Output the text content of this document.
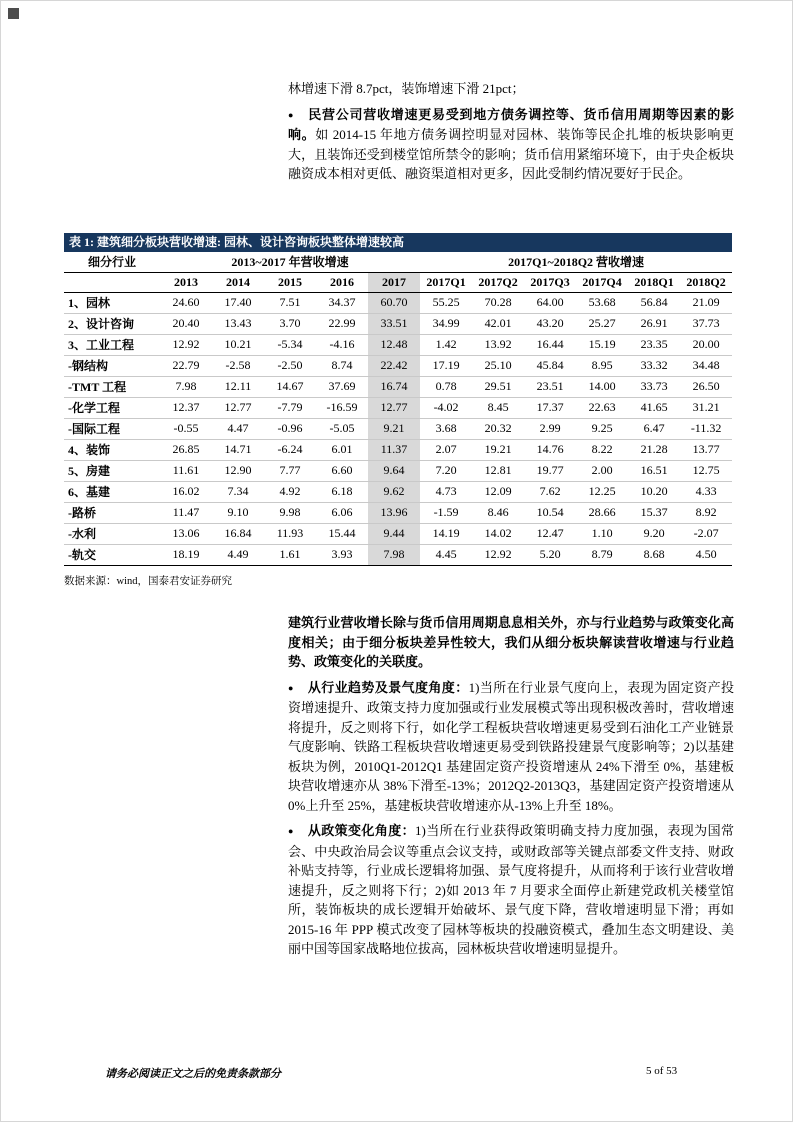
林增速下滑 8.7pct，装饰增速下滑 21pct；

● 民营公司营收增速更易受到地方债务调控等、货币信用周期等因素的影响。如 2014-15 年地方债务调控明显对园林、装饰等民企扎堆的板块影响更大，且装饰还受到楼堂馆所禁令的影响；货币信用紧缩环境下，由于央企板块融资成本相对更低、融资渠道相对更多，因此受制约情况要好于民企。

表 1: 建筑细分板块营收增速: 园林、设计咨询板块整体增速较高
细分行业	2013~2017 年营收增速					2017Q1~2018Q2 营收增速					
	2013	2014	2015	2016	2017	2017Q1	2017Q2	2017Q3	2017Q4	2018Q1	2018Q2
1、园林	24.60	17.40	7.51	34.37	60.70	55.25	70.28	64.00	53.68	56.84	21.09
2、设计咨询	20.40	13.43	3.70	22.99	33.51	34.99	42.01	43.20	25.27	26.91	37.73
3、工业工程	12.92	10.21	-5.34	-4.16	12.48	1.42	13.92	16.44	15.19	23.35	20.00
-钢结构	22.79	-2.58	-2.50	8.74	22.42	17.19	25.10	45.84	8.95	33.32	34.48
-TMT 工程	7.98	12.11	14.67	37.69	16.74	0.78	29.51	23.51	14.00	33.73	26.50
-化学工程	12.37	12.77	-7.79	-16.59	12.77	-4.02	8.45	17.37	22.63	41.65	31.21
-国际工程	-0.55	4.47	-0.96	-5.05	9.21	3.68	20.32	2.99	9.25	6.47	-11.32
4、装饰	26.85	14.71	-6.24	6.01	11.37	2.07	19.21	14.76	8.22	21.28	13.77
5、房建	11.61	12.90	7.77	6.60	9.64	7.20	12.81	19.77	2.00	16.51	12.75
6、基建	16.02	7.34	4.92	6.18	9.62	4.73	12.09	7.62	12.25	10.20	4.33
-路桥	11.47	9.10	9.98	6.06	13.96	-1.59	8.46	10.54	28.66	15.37	8.92
-水利	13.06	16.84	11.93	15.44	9.44	14.19	14.02	12.47	1.10	9.20	-2.07
-轨交	18.19	4.49	1.61	3.93	7.98	4.45	12.92	5.20	8.79	8.68	4.50
数据来源：wind，国泰君安证券研究

建筑行业营收增长除与货币信用周期息息相关外，亦与行业趋势与政策变化高度相关；由于细分板块差异性较大，我们从细分板块解读营收增速与行业趋势、政策变化的关联度。

● 从行业趋势及景气度角度：1)当所在行业景气度向上，表现为固定资产投资增速提升、政策支持力度加强或行业发展模式等出现积极改善时，营收增速将提升，反之则将下行，如化学工程板块营收增速更易受到石油化工产业链景气度影响、铁路工程板块营收增速更易受到铁路投建景气度影响等；2)以基建板块为例，2010Q1-2012Q1 基建固定资产投资增速从 24%下滑至 0%，基建板块营收增速亦从 38%下滑至-13%；2012Q2-2013Q3，基建固定资产投资增速从 0%上升至 25%，基建板块营收增速亦从-13%上升至 18%。

● 从政策变化角度：1)当所在行业获得政策明确支持力度加强，表现为国常会、中央政治局会议等重点会议支持，或财政部等关键点部委文件支持、财政补贴支持等，行业成长逻辑将加强、景气度将提升，从而将利于该行业营收增速提升，反之则将下行；2)如 2013 年 7 月要求全面停止新建党政机关楼堂馆所，装饰板块的成长逻辑开始破坏、景气度下降，营收增速明显下滑；再如 2015-16 年 PPP 模式改变了园林等板块的投融资模式，叠加生态文明建设、美丽中国等国家战略地位拔高，园林板块营收增速明显提升。

请务必阅读正文之后的免责条款部分	5 of 53
